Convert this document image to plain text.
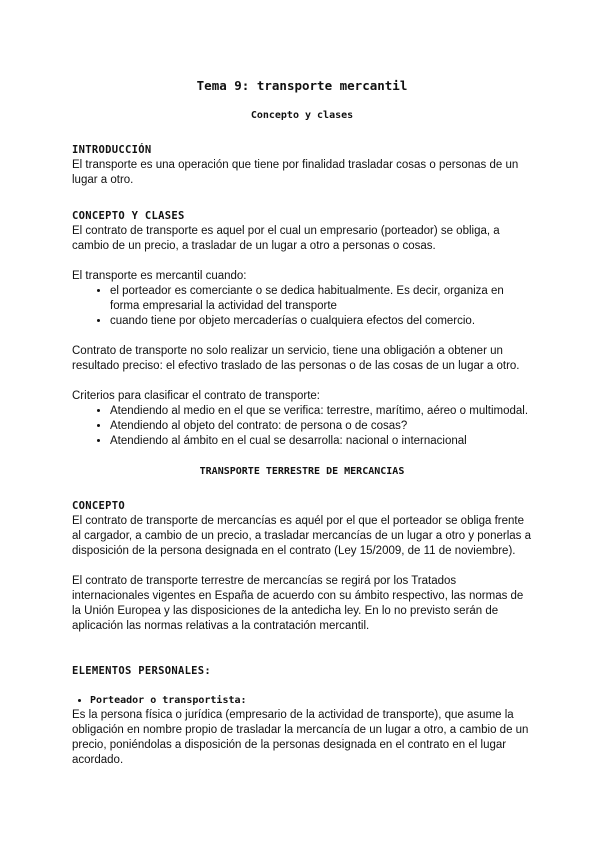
Tema 9: transporte mercantil
Concepto y clases
INTRODUCCIÓN

El transporte es una operación que tiene por finalidad trasladar cosas o personas de un lugar a otro.

CONCEPTO Y CLASES

El contrato de transporte es aquel por el cual un empresario (porteador) se obliga, a cambio de un precio, a trasladar de un lugar a otro a personas o cosas.

El transporte es mercantil cuando:
• el porteador es comerciante o se dedica habitualmente. Es decir, organiza en forma empresarial la actividad del transporte
• cuando tiene por objeto mercaderías o cualquiera efectos del comercio.

Contrato de transporte no solo realizar un servicio, tiene una obligación a obtener un resultado preciso: el efectivo traslado de las personas o de las cosas de un lugar a otro.

Criterios para clasificar el contrato de transporte:
• Atendiendo al medio en el que se verifica: terrestre, marítimo, aéreo o multimodal.
• Atendiendo al objeto del contrato: de persona o de cosas?
• Atendiendo al ámbito en el cual se desarrolla: nacional o internacional
TRANSPORTE TERRESTRE DE MERCANCIAS
CONCEPTO

El contrato de transporte de mercancías es aquél por el que el porteador se obliga frente al cargador, a cambio de un precio, a trasladar mercancías de un lugar a otro y ponerlas a disposición de la persona designada en el contrato (Ley 15/2009, de 11 de noviembre).

El contrato de transporte terrestre de mercancías se regirá por los Tratados internacionales vigentes en España de acuerdo con su ámbito respectivo, las normas de la Unión Europea y las disposiciones de la antedicha ley. En lo no previsto serán de aplicación las normas relativas a la contratación mercantil.

ELEMENTOS PERSONALES:
• Porteador o transportista:

Es la persona física o jurídica (empresario de la actividad de transporte), que asume la obligación en nombre propio de trasladar la mercancía de un lugar a otro, a cambio de un precio, poniéndolas a disposición de la personas designada en el contrato en el lugar acordado.
